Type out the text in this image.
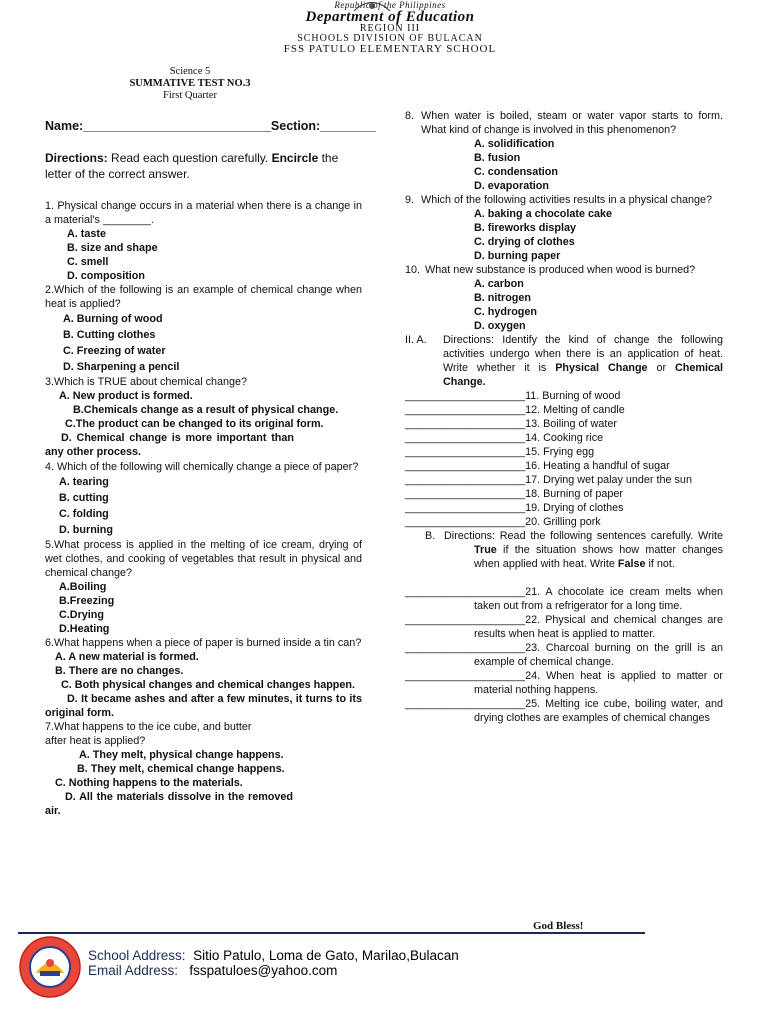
Republic of the Philippines
Department of Education
REGION III
SCHOOLS DIVISION OF BULACAN
FSS PATULO ELEMENTARY SCHOOL
Science 5
SUMMATIVE TEST NO.3
First Quarter
Name:___________________________Section:________
Directions: Read each question carefully. Encircle the letter of the correct answer.

1. Physical change occurs in a material when there is a change in a material's ________.

A. taste

B. size and shape

C. smell

D. composition

2.Which of the following is an example of chemical change when heat is applied?

A. Burning of wood

B. Cutting clothes

C. Freezing of water

D. Sharpening a pencil

3.Which is TRUE about chemical change?

A. New product is formed.

B.Chemicals change as a result of physical change.

C.The product can be changed to its original form.

D. Chemical change is more important than any other process.

4. Which of the following will chemically change a piece of paper?

A. tearing

B. cutting

C. folding

D. burning

5.What process is applied in the melting of ice cream, drying of wet clothes, and cooking of vegetables that result in physical and chemical change?

A.Boiling

B.Freezing

C.Drying

D.Heating

6.What happens when a piece of paper is burned inside a tin can?

A. A new material is formed.

B. There are no changes.

C. Both physical changes and chemical changes happen.

D. It became ashes and after a few minutes, it turns to its original form.

7.What happens to the ice cube, and butter

after heat is applied?

A. They melt, physical change happens.

B. They melt, chemical change happens.

C. Nothing happens to the materials.

D. All the materials dissolve in the removed air.

8. When water is boiled, steam or water vapor starts to form. What kind of change is involved in this phenomenon?

A. solidification

B. fusion

C. condensation

D. evaporation

9. Which of the following activities results in a physical change?

A. baking a chocolate cake

B. fireworks display

C. drying of clothes

D. burning paper

10. What new substance is produced when wood is burned?

A. carbon

B. nitrogen

C. hydrogen

D. oxygen

II. A.	Directions: Identify the kind of change the following activities undergo when there is an application of heat. Write whether it is Physical Change or Chemical Change.

____________________11. Burning of wood

____________________12. Melting of candle

____________________13. Boiling of water

____________________14. Cooking rice

____________________15. Frying egg

____________________16. Heating a handful of sugar

____________________17. Drying wet palay under the sun

____________________18. Burning of paper

____________________19. Drying of clothes

____________________20. Grilling pork

B. Directions: Read the following sentences carefully. Write True if the situation shows how matter changes when applied with heat. Write False if not.

____________________21. A chocolate ice cream melts when taken out from a refrigerator for a long time.

____________________22. Physical and chemical changes are results when heat is applied to matter.

____________________23. Charcoal burning on the grill is an example of chemical change.

____________________24. When heat is applied to matter or material nothing happens.

____________________25. Melting ice cube, boiling water, and drying clothes are examples of chemical changes

God Bless!
School Address: Sitio Patulo, Loma de Gato, Marilao,Bulacan
Email Address: fsspatuloes@yahoo.com
